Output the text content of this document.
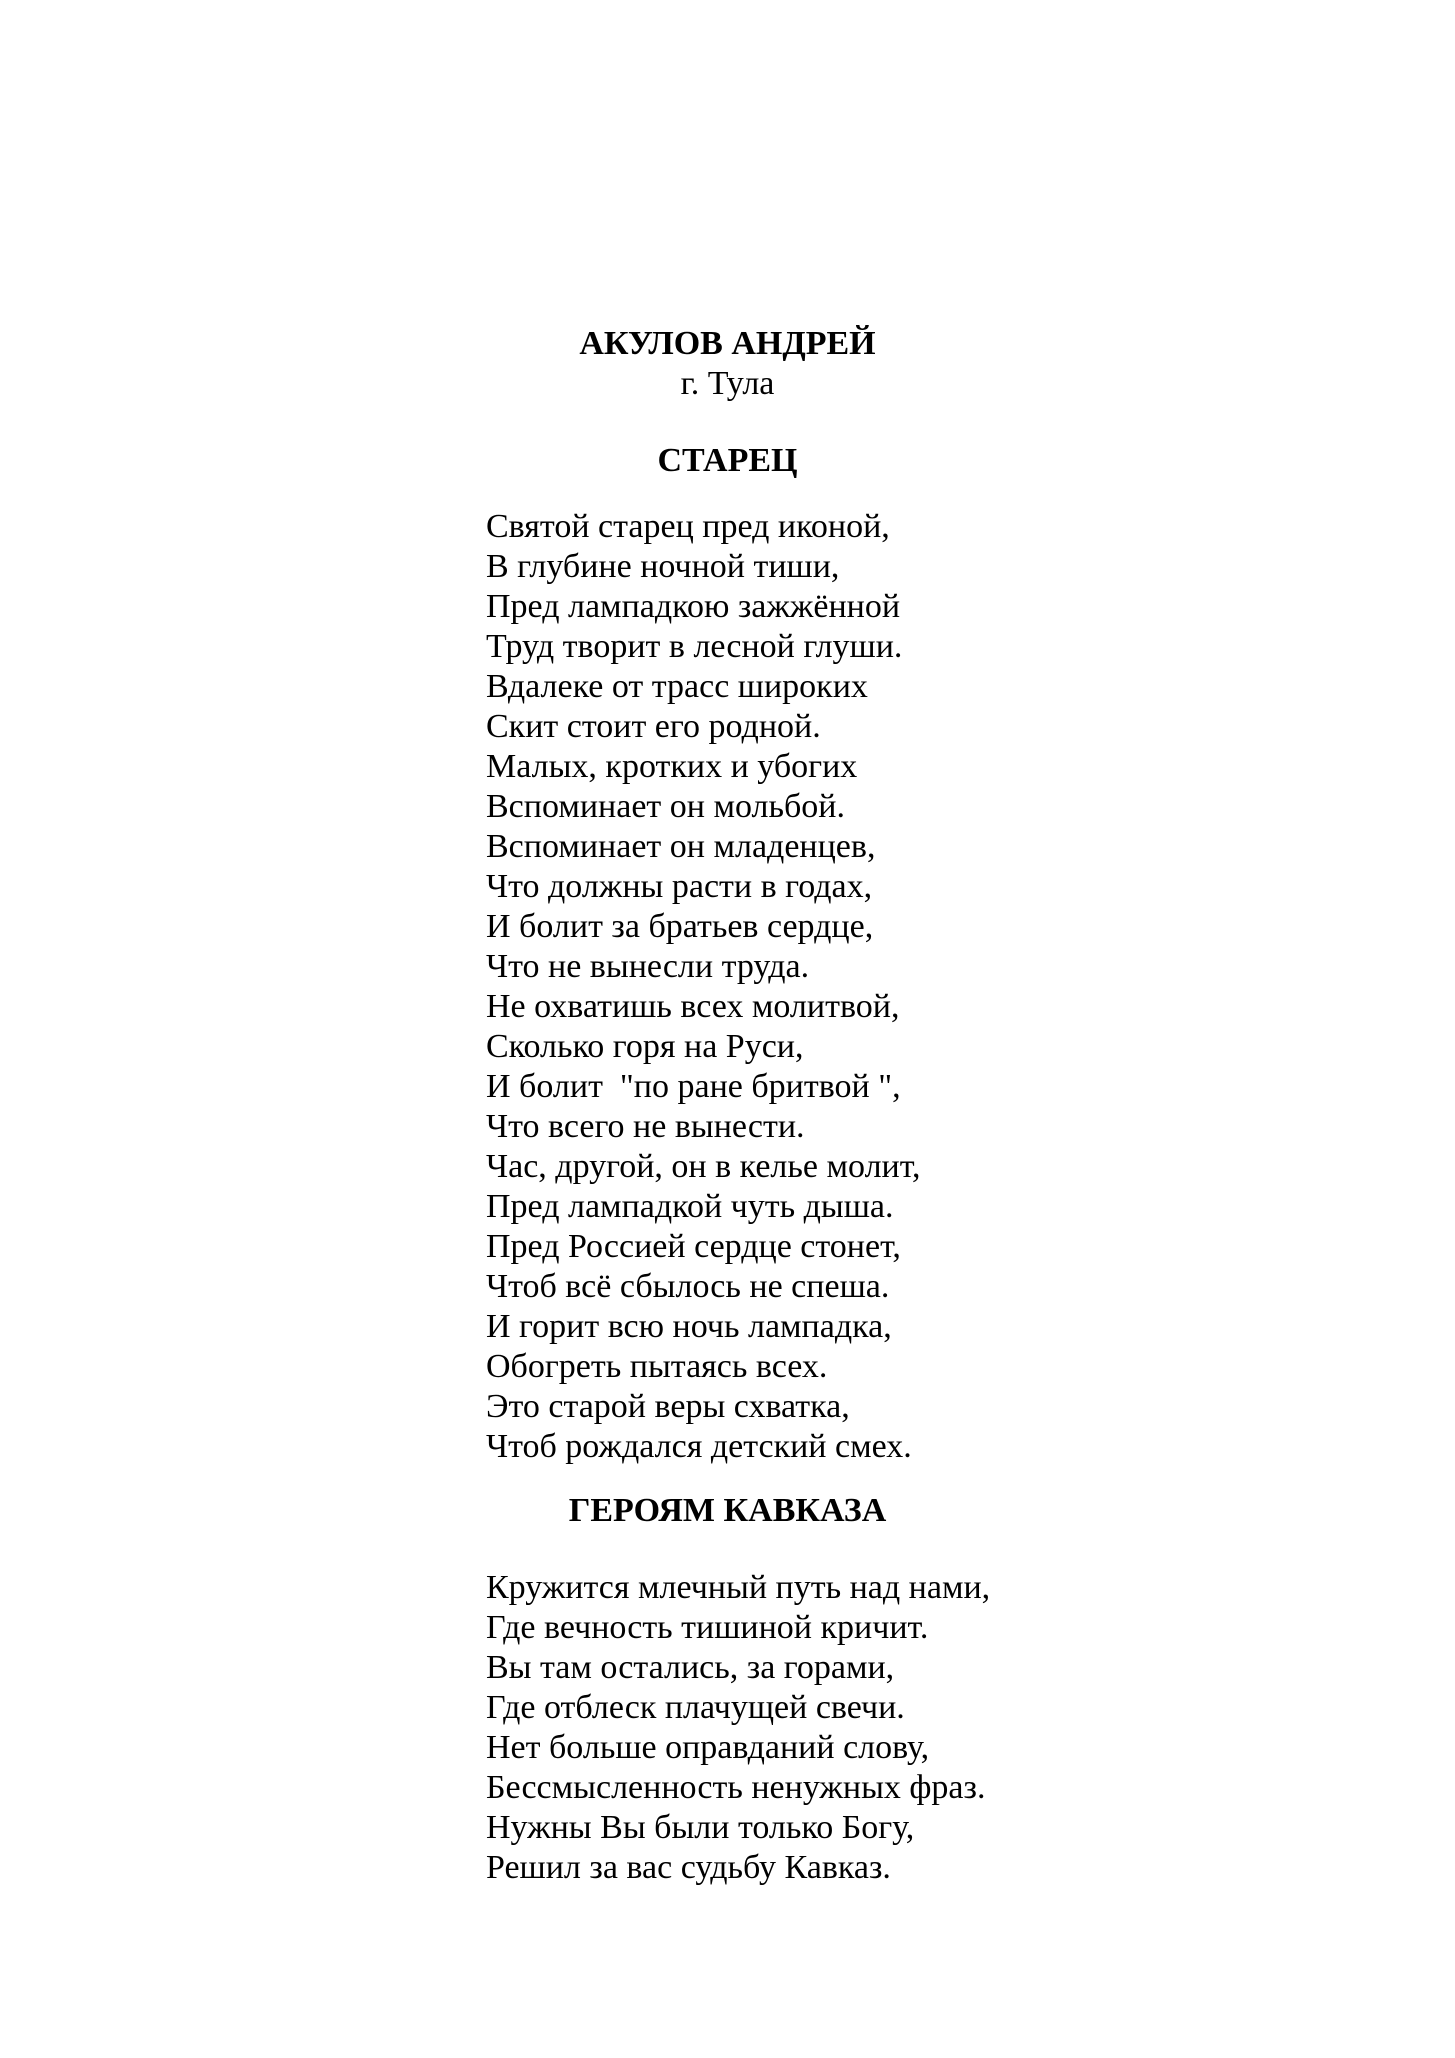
АКУЛОВ АНДРЕЙ
г. Тула
СТАРЕЦ
Святой старец пред иконой,
В глубине ночной тиши,
Пред лампадкою зажжённой
Труд творит в лесной глуши.
Вдалеке от трасс широких
Скит стоит его родной.
Малых, кротких и убогих
Вспоминает он мольбой.
Вспоминает он младенцев,
Что должны расти в годах,
И болит за братьев сердце,
Что не вынесли труда.
Не охватишь всех молитвой,
Сколько горя на Руси,
И болит  "по ране бритвой ",
Что всего не вынести.
Час, другой, он в келье молит,
Пред лампадкой чуть дыша.
Пред Россией сердце стонет,
Чтоб всё сбылось не спеша.
И горит всю ночь лампадка,
Обогреть пытаясь всех.
Это старой веры схватка,
Чтоб рождался детский смех.
ГЕРОЯМ КАВКАЗА
Кружится млечный путь над нами,
Где вечность тишиной кричит.
Вы там остались, за горами,
Где отблеск плачущей свечи.
Нет больше оправданий слову,
Бессмысленность ненужных фраз.
Нужны Вы были только Богу,
Решил за вас судьбу Кавказ.
